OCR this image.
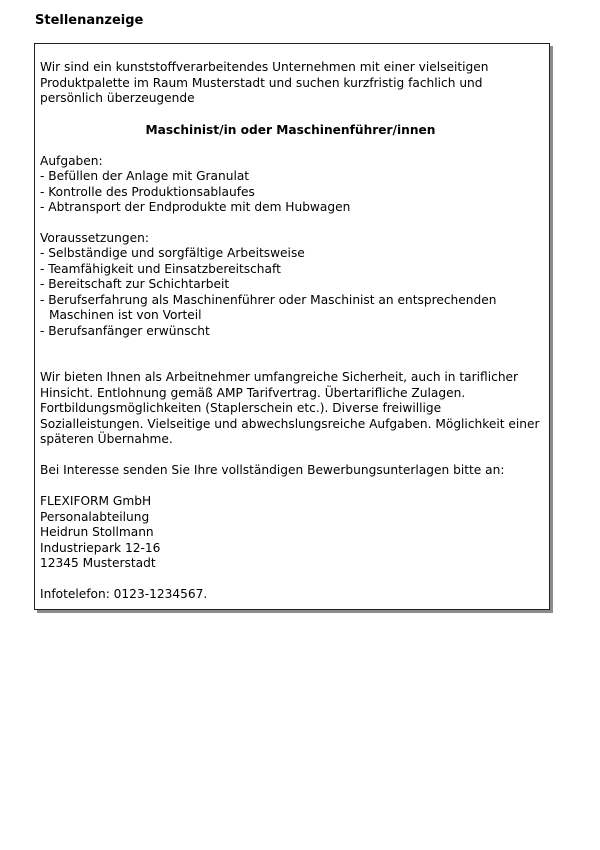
Stellenanzeige

Wir sind ein kunststoffverarbeitendes Unternehmen mit einer vielseitigen Produktpalette im Raum Musterstadt und suchen kurzfristig fachlich und persönlich überzeugende

Maschinist/in oder Maschinenführer/innen

Aufgaben:
- Befüllen der Anlage mit Granulat
- Kontrolle des Produktionsablaufes
- Abtransport der Endprodukte mit dem Hubwagen
Voraussetzungen:
- Selbständige und sorgfältige Arbeitsweise
- Teamfähigkeit und Einsatzbereitschaft
- Bereitschaft zur Schichtarbeit
- Berufserfahrung als Maschinenführer oder Maschinist an entsprechenden Maschinen ist von Vorteil
- Berufsanfänger erwünscht

Wir bieten Ihnen als Arbeitnehmer umfangreiche Sicherheit, auch in tariflicher Hinsicht. Entlohnung gemäß AMP Tarifvertrag. Übertarifliche Zulagen. Fortbildungsmöglichkeiten (Staplerschein etc.). Diverse freiwillige Sozialleistungen. Vielseitige und abwechslungsreiche Aufgaben. Möglichkeit einer späteren Übernahme.

Bei Interesse senden Sie Ihre vollständigen Bewerbungsunterlagen bitte an:

FLEXIFORM GmbH
Personalabteilung
Heidrun Stollmann
Industriepark 12-16
12345 Musterstadt

Infotelefon: 0123-1234567.
